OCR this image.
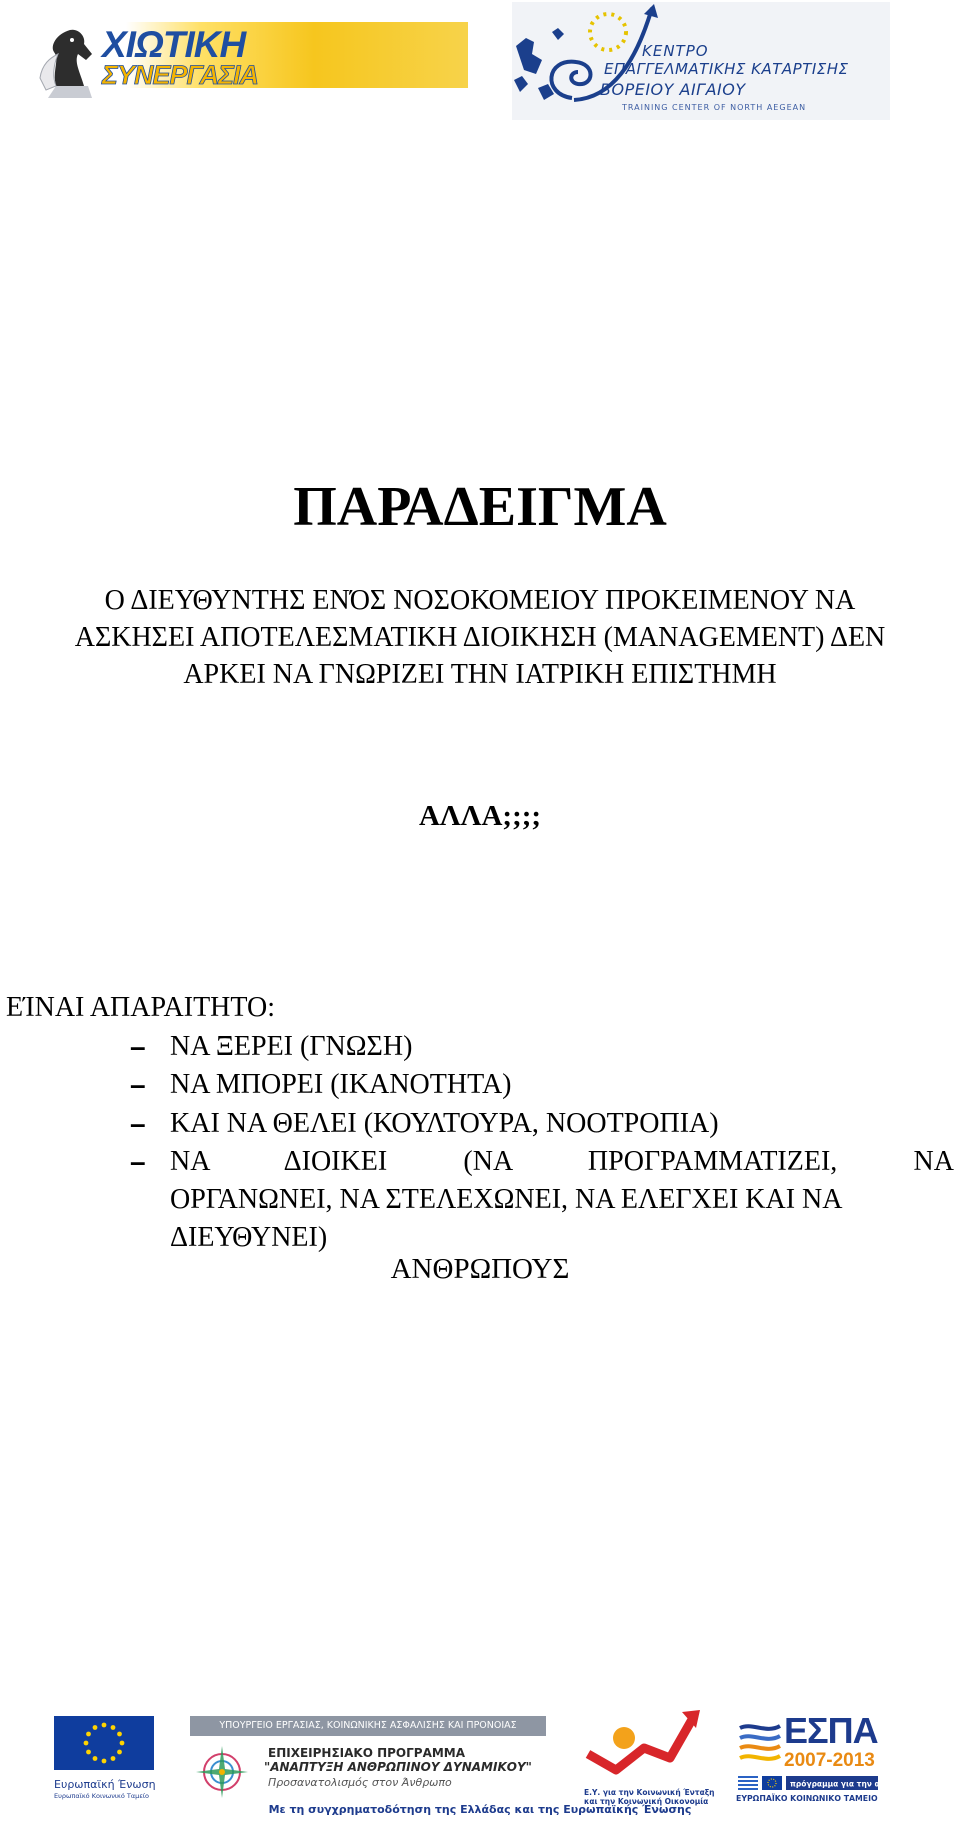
ΧΙΩΤΙΚΗ
ΣΥΝΕΡΓΑΣΙΑ
ΚΕΝΤΡΟ
ΕΠΑΓΓΕΛΜΑΤΙΚΗΣ ΚΑΤΑΡΤΙΣΗΣ
ΒΟΡΕΙΟΥ ΑΙΓΑΙΟΥ
TRAINING CENTER OF NORTH AEGEAN
ΠΑΡΑΔΕΙΓΜΑ
Ο ΔΙΕΥΘΥΝΤΗΣ ΕΝΌΣ ΝΟΣΟΚΟΜΕΙΟΥ ΠΡΟΚΕΙΜΕΝΟΥ ΝΑ
ΑΣΚΗΣΕΙ ΑΠΟΤΕΛΕΣΜΑΤΙΚΗ ΔΙΟΙΚΗΣΗ (MANAGEMENT) ΔΕΝ
ΑΡΚΕΙ ΝΑ ΓΝΩΡΙΖΕΙ ΤΗΝ ΙΑΤΡΙΚΗ ΕΠΙΣΤΗΜΗ
ΑΛΛΑ;;;;
ΕΊΝΑΙ ΑΠΑΡΑΙΤΗΤΟ:
– ΝΑ ΞΕΡΕΙ (ΓΝΩΣΗ)
– ΝΑ ΜΠΟΡΕΙ (ΙΚΑΝΟΤΗΤΑ)
– ΚΑΙ ΝΑ ΘΕΛΕΙ (ΚΟΥΛΤΟΥΡΑ, ΝΟΟΤΡΟΠΙΑ)
– ΝΑ ΔΙΟΙΚΕΙ (ΝΑ ΠΡΟΓΡΑΜΜΑΤΙΖΕΙ, ΝΑ
ΟΡΓΑΝΩΝΕΙ, ΝΑ ΣΤΕΛΕΧΩΝΕΙ, ΝΑ ΕΛΕΓΧΕΙ ΚΑΙ ΝΑ
ΔΙΕΥΘΥΝΕΙ)
ΑΝΘΡΩΠΟΥΣ
Ευρωπαϊκή Ένωση
Ευρωπαϊκό Κοινωνικό Ταμείο
ΥΠΟΥΡΓΕΙΟ ΕΡΓΑΣΙΑΣ, ΚΟΙΝΩΝΙΚΗΣ ΑΣΦΑΛΙΣΗΣ ΚΑΙ ΠΡΟΝΟΙΑΣ
ΕΠΙΧΕΙΡΗΣΙΑΚΟ ΠΡΟΓΡΑΜΜΑ
"ΑΝΑΠΤΥΞΗ ΑΝΘΡΩΠΙΝΟΥ ΔΥΝΑΜΙΚΟΥ"
Προσανατολισμός στον Άνθρωπο
Ε.Υ. για την Κοινωνική Ένταξη
και την Κοινωνική Οικονομία
ΕΣΠΑ
2007-2013
πρόγραμμα για την ανάπτυξη
ΕΥΡΩΠΑΪΚΟ ΚΟΙΝΩΝΙΚΟ ΤΑΜΕΙΟ
Με τη συγχρηματοδότηση της Ελλάδας και της Ευρωπαϊκής Ένωσης
